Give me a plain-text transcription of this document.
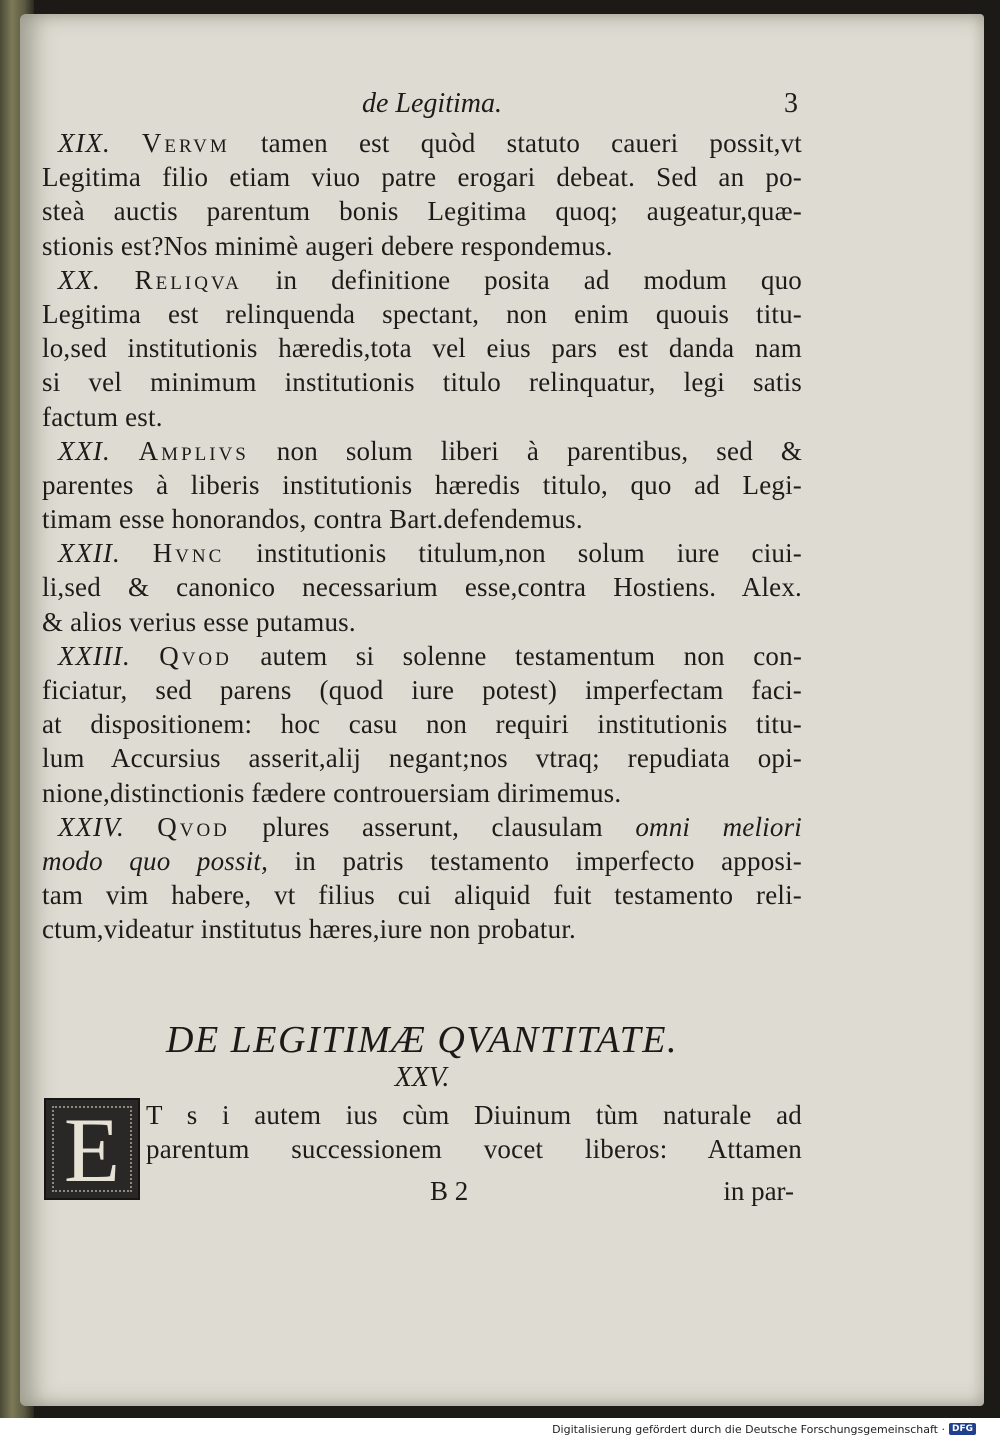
de Legitima.	3
XIX. Vervm tamen est quòd statuto caueri possit,vt
Legitima filio etiam viuo patre erogari debeat. Sed an po-
steà auctis parentum bonis Legitima quoq; augeatur,quæ-
stionis est?Nos minimè augeri debere respondemus.
XX. Reliqva in definitione posita ad modum quo
Legitima est relinquenda spectant, non enim quouis titu-
lo,sed institutionis hæredis,tota vel eius pars est danda nam
si vel minimum institutionis titulo relinquatur, legi satis
factum est.
XXI. Amplivs non solum liberi à parentibus, sed &
parentes à liberis institutionis hæredis titulo, quo ad Legi-
timam esse honorandos, contra Bart.defendemus.
XXII. Hvnc institutionis titulum,non solum iure ciui-
li,sed & canonico necessarium esse,contra Hostiens. Alex.
& alios verius esse putamus.
XXIII. Qvod autem si solenne testamentum non con-
ficiatur, sed parens (quod iure potest) imperfectam faci-
at dispositionem: hoc casu non requiri institutionis titu-
lum Accursius asserit,alij negant;nos vtraq; repudiata opi-
nione,distinctionis fædere controuersiam dirimemus.
XXIV. Qvod plures asserunt, clausulam omni meliori
modo quo possit, in patris testamento imperfecto apposi-
tam vim habere, vt filius cui aliquid fuit testamento reli-
ctum,videatur institutus hæres,iure non probatur.
DE LEGITIMÆ QVANTITATE.
XXV.
E T s i autem ius cùm Diuinum tùm naturale ad
parentum successionem vocet liberos: Attamen
B 2	in par-
Digitalisierung gefördert durch die Deutsche Forschungsgemeinschaft · DFG
